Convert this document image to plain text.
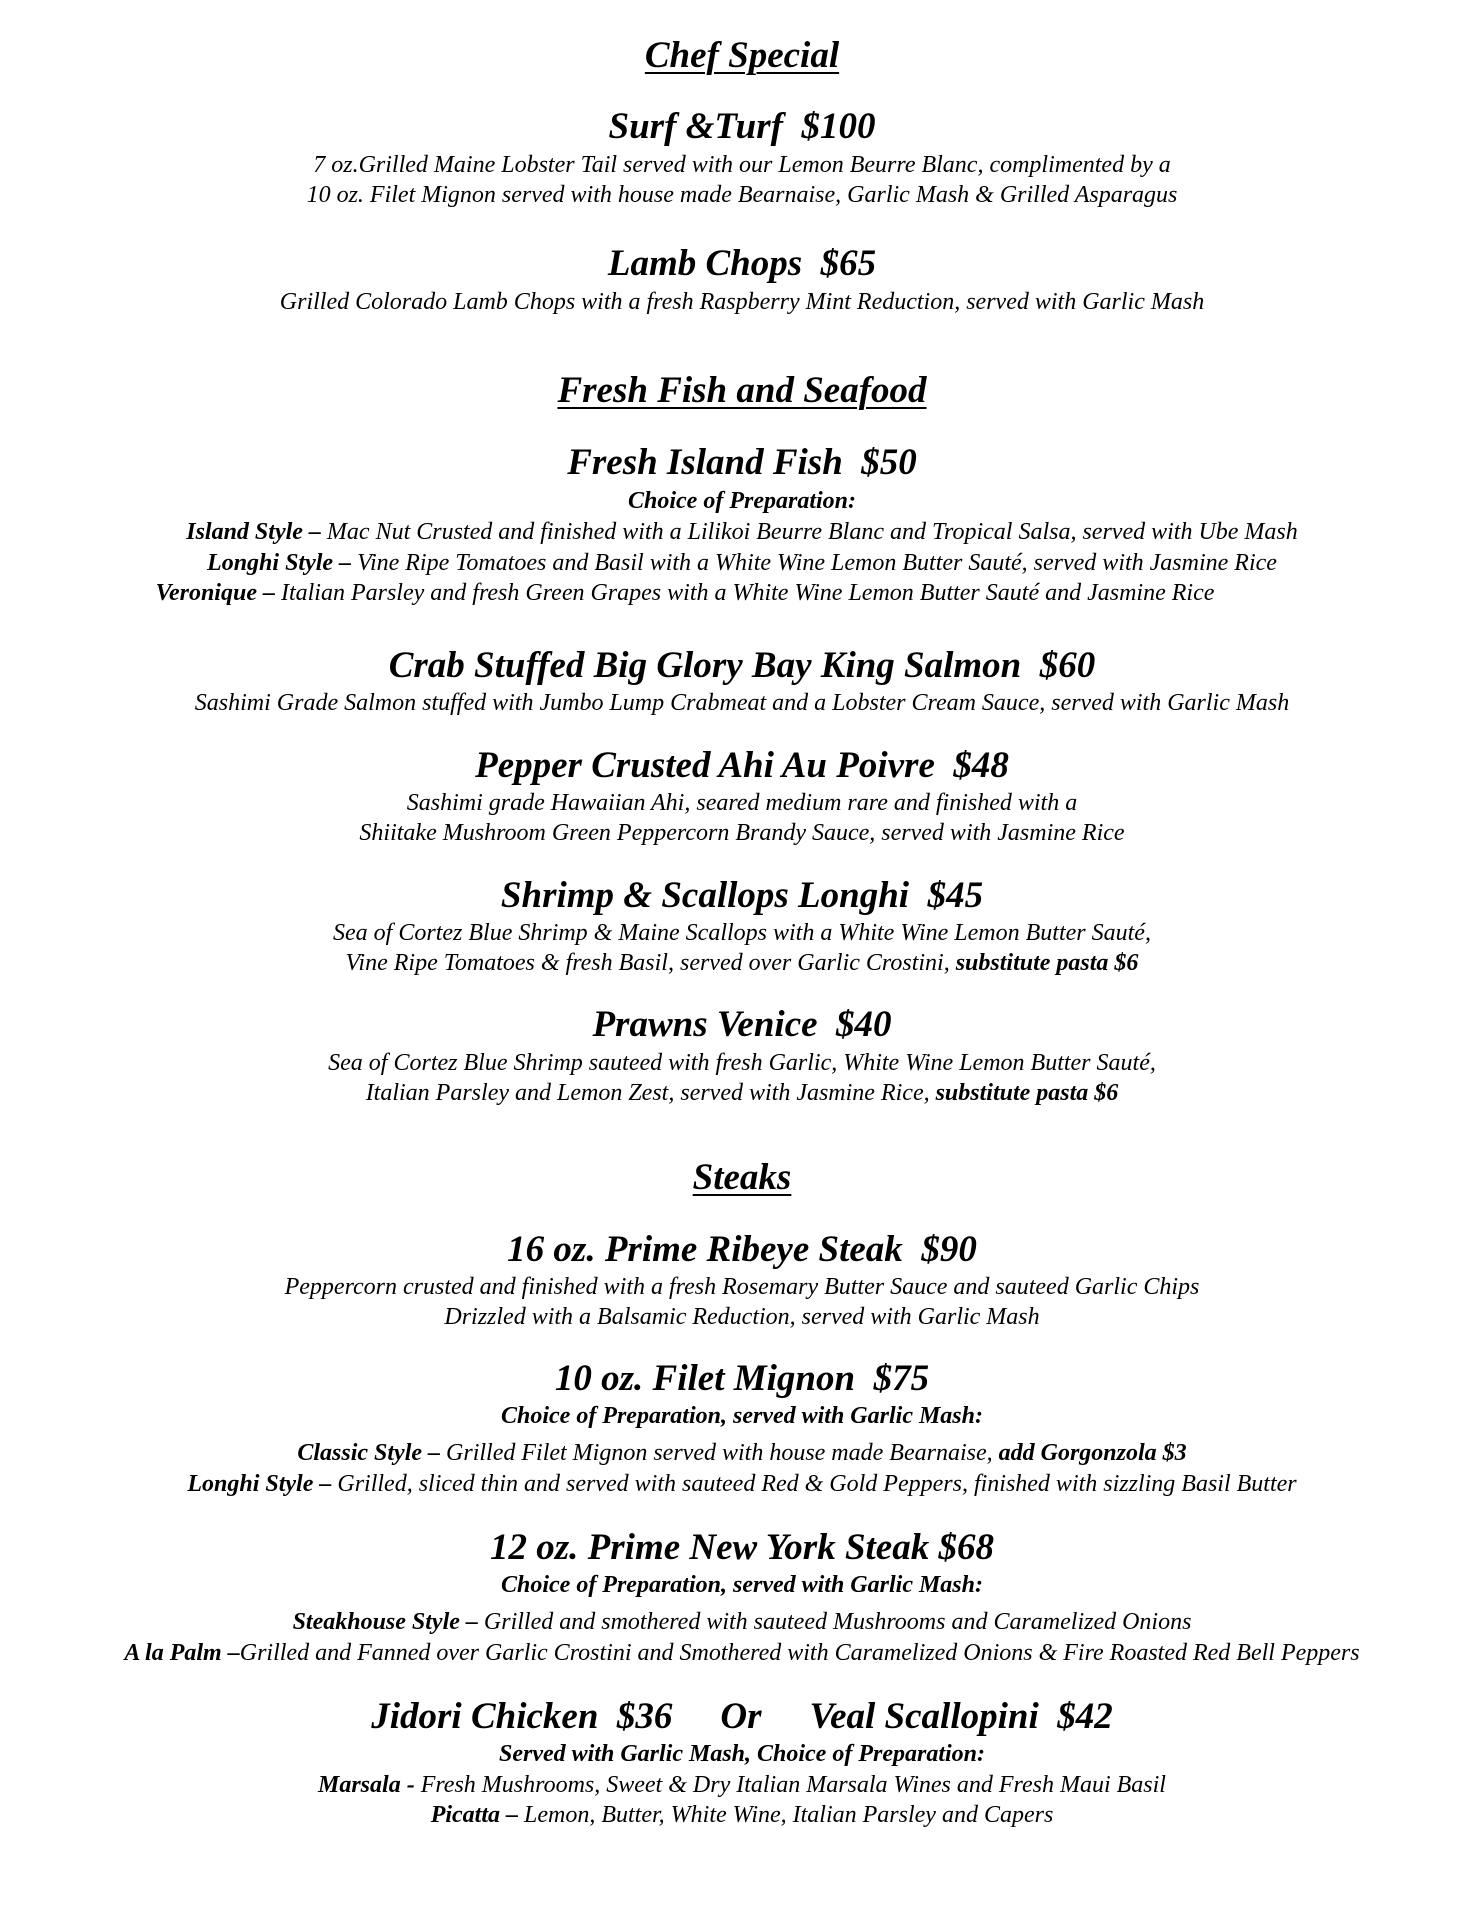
Chef Special
Surf &Turf $100
7 oz.Grilled Maine Lobster Tail served with our Lemon Beurre Blanc, complimented by a
10 oz. Filet Mignon served with house made Bearnaise, Garlic Mash & Grilled Asparagus
Lamb Chops $65
Grilled Colorado Lamb Chops with a fresh Raspberry Mint Reduction, served with Garlic Mash
Fresh Fish and Seafood
Fresh Island Fish $50
Choice of Preparation:
Island Style – Mac Nut Crusted and finished with a Lilikoi Beurre Blanc and Tropical Salsa, served with Ube Mash
Longhi Style – Vine Ripe Tomatoes and Basil with a White Wine Lemon Butter Sauté, served with Jasmine Rice
Veronique – Italian Parsley and fresh Green Grapes with a White Wine Lemon Butter Sauté and Jasmine Rice
Crab Stuffed Big Glory Bay King Salmon $60
Sashimi Grade Salmon stuffed with Jumbo Lump Crabmeat and a Lobster Cream Sauce, served with Garlic Mash
Pepper Crusted Ahi Au Poivre $48
Sashimi grade Hawaiian Ahi, seared medium rare and finished with a
Shiitake Mushroom Green Peppercorn Brandy Sauce, served with Jasmine Rice
Shrimp & Scallops Longhi $45
Sea of Cortez Blue Shrimp & Maine Scallops with a White Wine Lemon Butter Sauté,
Vine Ripe Tomatoes & fresh Basil, served over Garlic Crostini, substitute pasta $6
Prawns Venice $40
Sea of Cortez Blue Shrimp sauteed with fresh Garlic, White Wine Lemon Butter Sauté,
Italian Parsley and Lemon Zest, served with Jasmine Rice, substitute pasta $6
Steaks
16 oz. Prime Ribeye Steak $90
Peppercorn crusted and finished with a fresh Rosemary Butter Sauce and sauteed Garlic Chips
Drizzled with a Balsamic Reduction, served with Garlic Mash
10 oz. Filet Mignon $75
Choice of Preparation, served with Garlic Mash:
Classic Style – Grilled Filet Mignon served with house made Bearnaise, add Gorgonzola $3
Longhi Style – Grilled, sliced thin and served with sauteed Red & Gold Peppers, finished with sizzling Basil Butter
12 oz. Prime New York Steak $68
Choice of Preparation, served with Garlic Mash:
Steakhouse Style – Grilled and smothered with sauteed Mushrooms and Caramelized Onions
A la Palm –Grilled and Fanned over Garlic Crostini and Smothered with Caramelized Onions & Fire Roasted Red Bell Peppers
Jidori Chicken $36 Or Veal Scallopini $42
Served with Garlic Mash, Choice of Preparation:
Marsala - Fresh Mushrooms, Sweet & Dry Italian Marsala Wines and Fresh Maui Basil
Picatta – Lemon, Butter, White Wine, Italian Parsley and Capers
